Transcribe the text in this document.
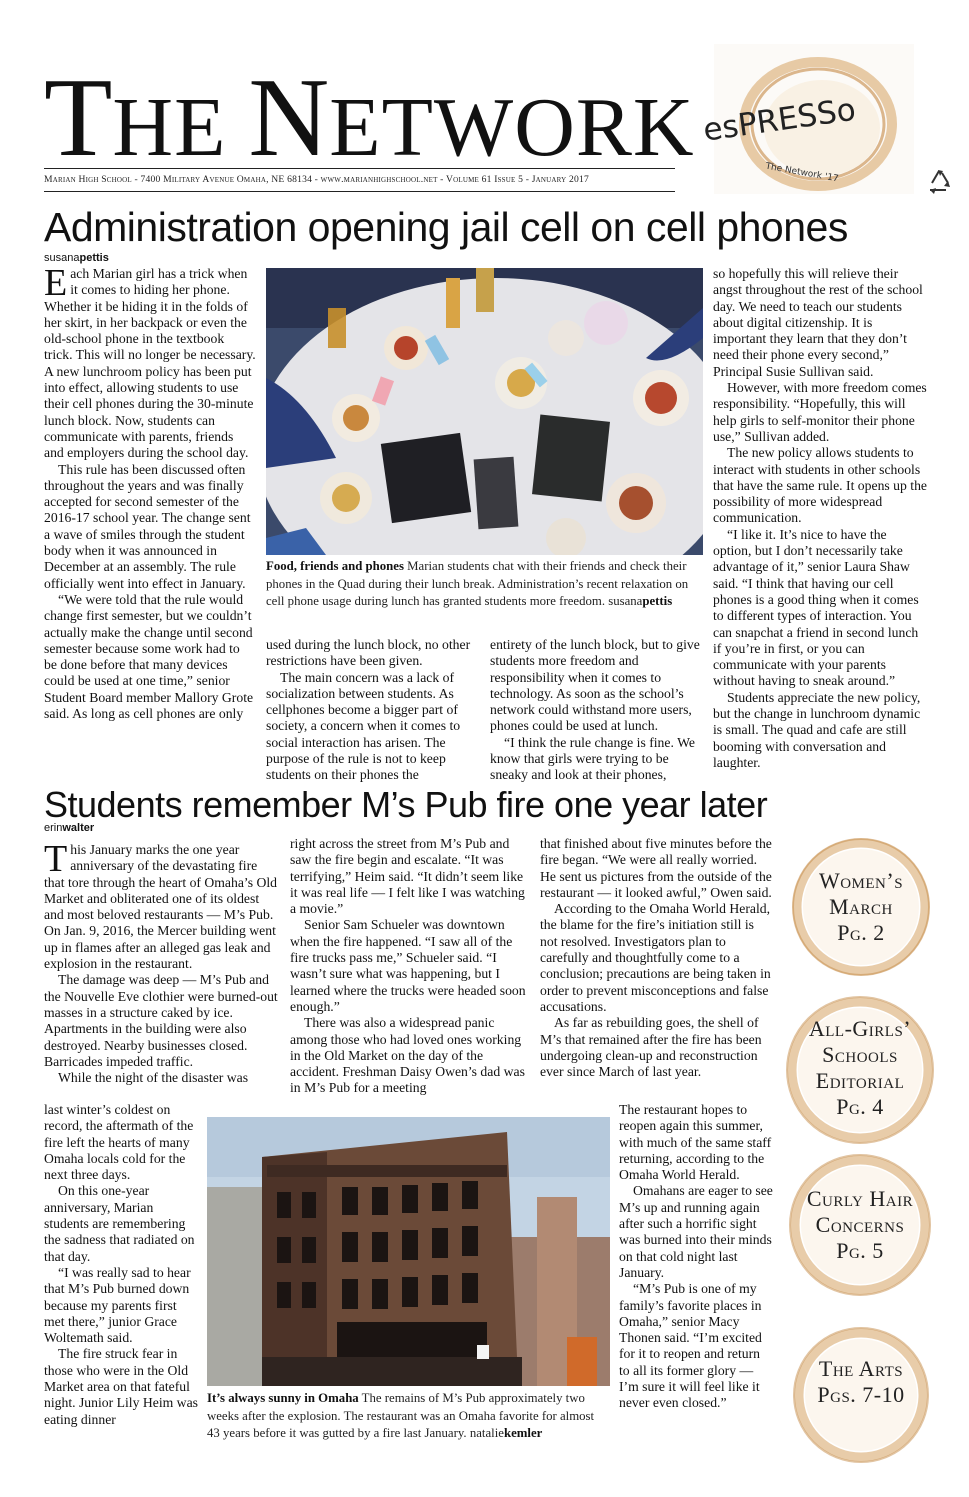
THE NETWORK esPRESSo
The Network '17
Marian High School - 7400 Military Avenue Omaha, NE 68134 - www.marianhighschool.net - Volume 61 Issue 5 - January 2017
Administration opening jail cell on cell phones
susanapettis

Each Marian girl has a trick when it comes to hiding her phone. Whether it be hiding it in the folds of her skirt, in her backpack or even the old-school phone in the textbook trick. This will no longer be necessary. A new lunchroom policy has been put into effect, allowing students to use their cell phones during the 30-minute lunch block. Now, students can communicate with parents, friends and employers during the school day.

This rule has been discussed often throughout the years and was finally accepted for second semester of the 2016-17 school year. The change sent a wave of smiles through the student body when it was announced in December at an assembly. The rule officially went into effect in January.

“We were told that the rule would change first semester, but we couldn’t actually make the change until second semester because some work had to be done before that many devices could be used at one time,” senior Student Board member Mallory Grote said. As long as cell phones are only

Food, friends and phones Marian students chat with their friends and check their phones in the Quad during their lunch break. Administration’s recent relaxation on cell phone usage during lunch has granted students more freedom. susanapettis

used during the lunch block, no other restrictions have been given.

The main concern was a lack of socialization between students. As cellphones become a bigger part of society, a concern when it comes to social interaction has arisen. The purpose of the rule is not to keep students on their phones the

entirety of the lunch block, but to give students more freedom and responsibility when it comes to technology. As soon as the school’s network could withstand more users, phones could be used at lunch.

“I think the rule change is fine. We know that girls were trying to be sneaky and look at their phones,

so hopefully this will relieve their angst throughout the rest of the school day. We need to teach our students about digital citizenship. It is important they learn that they don’t need their phone every second,” Principal Susie Sullivan said.

However, with more freedom comes responsibility. “Hopefully, this will help girls to self-monitor their phone use,” Sullivan added.

The new policy allows students to interact with students in other schools that have the same rule. It opens up the possibility of more widespread communication.

“I like it. It’s nice to have the option, but I don’t necessarily take advantage of it,” senior Laura Shaw said. “I think that having our cell phones is a good thing when it comes to different types of interaction. You can snapchat a friend in second lunch if you’re in first, or you can communicate with your parents without having to sneak around.”

Students appreciate the new policy, but the change in lunchroom dynamic is small. The quad and cafe are still booming with conversation and laughter.

Students remember M’s Pub fire one year later
erinwalter

This January marks the one year anniversary of the devastating fire that tore through the heart of Omaha’s Old Market and obliterated one of its oldest and most beloved restaurants — M’s Pub. On Jan. 9, 2016, the Mercer building went up in flames after an alleged gas leak and explosion in the restaurant.

The damage was deep — M’s Pub and the Nouvelle Eve clothier were burned-out masses in a structure caked by ice. Apartments in the building were also destroyed. Nearby businesses closed. Barricades impeded traffic.

While the night of the disaster was

last winter’s coldest on record, the aftermath of the fire left the hearts of many Omaha locals cold for the next three days.

On this one-year anniversary, Marian students are remembering the sadness that radiated on that day.

“I was really sad to hear that M’s Pub burned down because my parents first met there,” junior Grace Woltemath said.

The fire struck fear in those who were in the Old Market area on that fateful night. Junior Lily Heim was eating dinner

right across the street from M’s Pub and saw the fire begin and escalate. “It was terrifying,” Heim said. “It didn’t seem like it was real life — I felt like I was watching a movie.”

Senior Sam Schueler was downtown when the fire happened. “I saw all of the fire trucks pass me,” Schueler said. “I wasn’t sure what was happening, but I learned where the trucks were headed soon enough.”

There was also a widespread panic among those who had loved ones working in the Old Market on the day of the accident. Freshman Daisy Owen’s dad was in M’s Pub for a meeting

that finished about five minutes before the fire began. “We were all really worried. He sent us pictures from the outside of the restaurant — it looked awful,” Owen said.

According to the Omaha World Herald, the blame for the fire’s initiation still is not resolved. Investigators plan to carefully and thoughtfully come to a conclusion; precautions are being taken in order to prevent misconceptions and false accusations.

As far as rebuilding goes, the shell of M’s that remained after the fire has been undergoing clean-up and reconstruction ever since March of last year.

The restaurant hopes to reopen again this summer, with much of the same staff returning, according to the Omaha World Herald.

Omahans are eager to see M’s up and running again after such a horrific sight was burned into their minds on that cold night last January.

“M’s Pub is one of my family’s favorite places in Omaha,” senior Macy Thonen said. “I’m excited for it to reopen and return to all its former glory — I’m sure it will feel like it never even closed.”

It’s always sunny in Omaha The remains of M’s Pub approximately two weeks after the explosion. The restaurant was an Omaha favorite for almost 43 years before it was gutted by a fire last January. nataliekemler
Women’s
March
Pg. 2
All-Girls’
Schools
Editorial
Pg. 4
Curly Hair
Concerns
Pg. 5
The Arts
Pgs. 7-10
